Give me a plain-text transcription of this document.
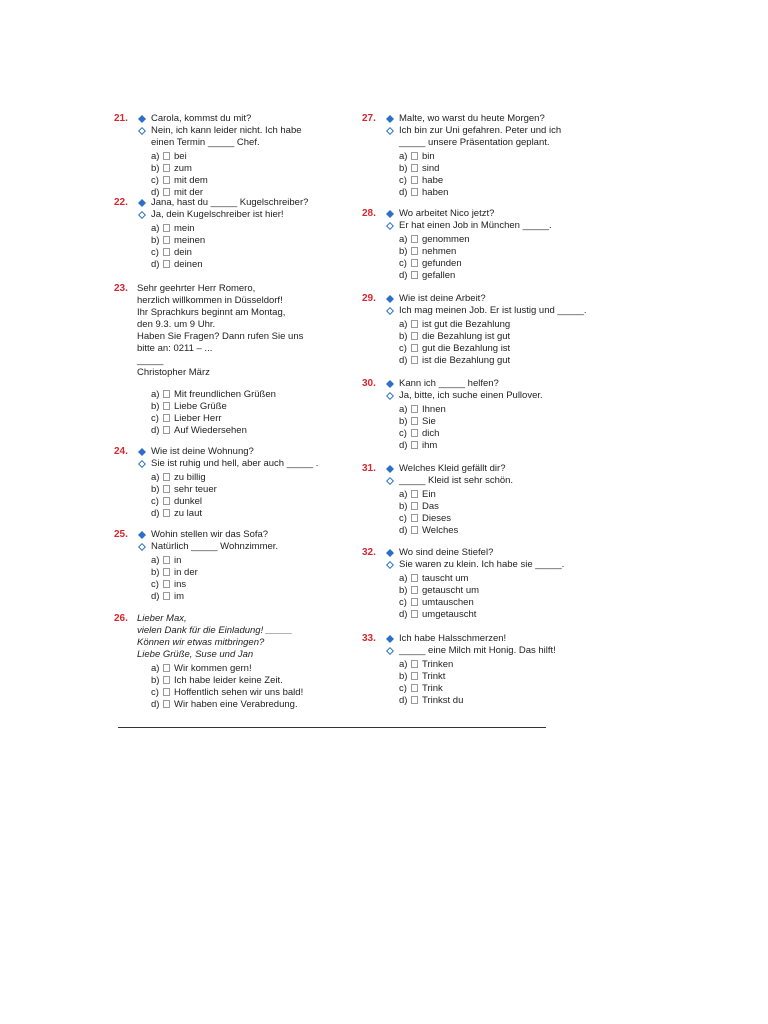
21.	Carola, kommst du mit?
Nein, ich kann leider nicht. Ich habe
einen Termin _____ Chef.
a) bei
b) zum
c) mit dem
d) mit der
22.	Jana, hast du _____ Kugelschreiber?
Ja, dein Kugelschreiber ist hier!
a) mein
b) meinen
c) dein
d) deinen
23. Sehr geehrter Herr Romero,
herzlich willkommen in Düsseldorf!
Ihr Sprachkurs beginnt am Montag,
den 9.3. um 9 Uhr.
Haben Sie Fragen? Dann rufen Sie uns
bitte an: 0211 – ...
_____
Christopher März
a) Mit freundlichen Grüßen
b) Liebe Grüße
c) Lieber Herr
d) Auf Wiedersehen
24.	Wie ist deine Wohnung?
Sie ist ruhig und hell, aber auch _____ .
a) zu billig
b) sehr teuer
c) dunkel
d) zu laut
25.	Wohin stellen wir das Sofa?
Natürlich _____ Wohnzimmer.
a) in
b) in der
c) ins
d) im
26. Lieber Max,
vielen Dank für die Einladung! _____
Können wir etwas mitbringen?
Liebe Grüße, Suse und Jan
a) Wir kommen gern!
b) Ich habe leider keine Zeit.
c) Hoffentlich sehen wir uns bald!
d) Wir haben eine Verabredung.
27.	Malte, wo warst du heute Morgen?
Ich bin zur Uni gefahren. Peter und ich
_____ unsere Präsentation geplant.
a) bin
b) sind
c) habe
d) haben
28.	Wo arbeitet Nico jetzt?
Er hat einen Job in München _____.
a) genommen
b) nehmen
c) gefunden
d) gefallen
29.	Wie ist deine Arbeit?
Ich mag meinen Job. Er ist lustig und _____.
a) ist gut die Bezahlung
b) die Bezahlung ist gut
c) gut die Bezahlung ist
d) ist die Bezahlung gut
30.	Kann ich _____ helfen?
Ja, bitte, ich suche einen Pullover.
a) Ihnen
b) Sie
c) dich
d) ihm
31.	Welches Kleid gefällt dir?
_____ Kleid ist sehr schön.
a) Ein
b) Das
c) Dieses
d) Welches
32.	Wo sind deine Stiefel?
Sie waren zu klein. Ich habe sie _____.
a) tauscht um
b) getauscht um
c) umtauschen
d) umgetauscht
33.	Ich habe Halsschmerzen!
_____ eine Milch mit Honig. Das hilft!
a) Trinken
b) Trinkt
c) Trink
d) Trinkst du
